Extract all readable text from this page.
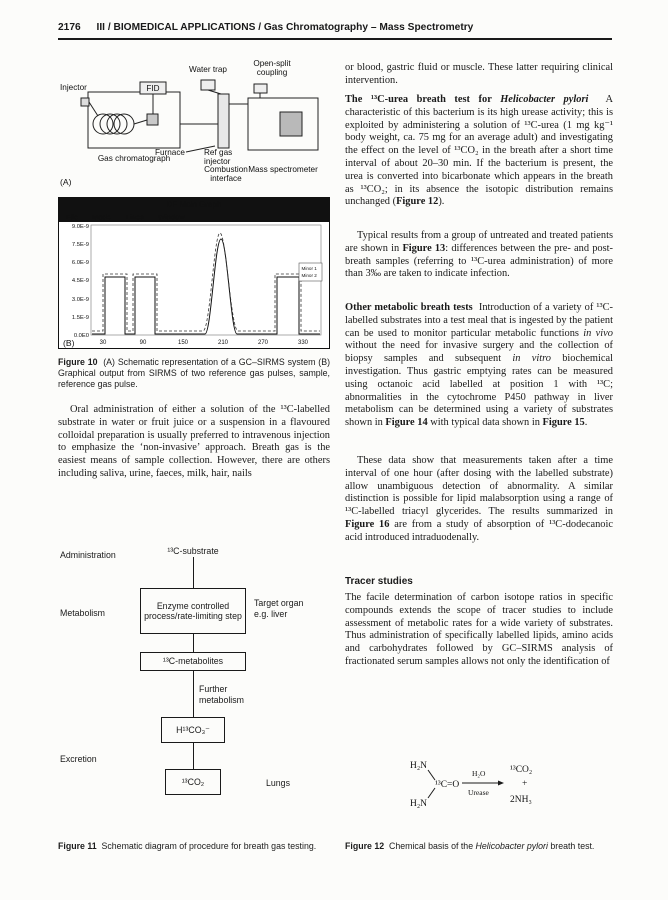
2176 III / BIOMEDICAL APPLICATIONS / Gas Chromatography – Mass Spectrometry
Injector	FID
Water trap
Open-split
coupling
Furnace Ref gas
injector
Gas chromatograph
Combustion
interface
Mass spectrometer
(A)
DF Main Graph
File Mode Lines Window
9.0E-9
7.5E-9
6.0E-9
4.5E-9
3.0E-9
1.5E-9
0.0E0
30	90	150	210	270	330
Minor 1
Minor 2
(B)
Figure 10  (A) Schematic representation of a GC–SIRMS system (B) Graphical output from SIRMS of two reference gas pulses, sample, reference gas pulse.
Oral administration of either a solution of the ¹³C-labelled substrate in water or fruit juice or a suspension in a flavoured colloidal preparation is usually preferred to intravenous injection to emphasize the ‘non-invasive’ approach. Breath gas is the easiest means of sample collection. However, there are others including saliva, urine, faeces, milk, hair, nails
Administration	¹³C-substrate
Enzyme controlled process/rate-limiting step
Target organ e.g. liver
Metabolism
¹³C-metabolites
Further metabolism
H¹³CO₃⁻
Excretion
¹³CO₂	Lungs
Figure 11  Schematic diagram of procedure for breath gas testing.
or blood, gastric fluid or muscle. These latter requiring clinical intervention.
The ¹³C-urea breath test for Helicobacter pylori  A characteristic of this bacterium is its high urease activity; this is exploited by administering a solution of ¹³C-urea (1 mg kg⁻¹ body weight, ca. 75 mg for an average adult) and investigating the effect on the level of ¹³CO₂ in the breath after a short time interval of about 20–30 min. If the bacterium is present, the urea is converted into bicarbonate which appears in the breath as ¹³CO₂; in its absence the isotopic distribution remains unchanged (Figure 12).
Typical results from a group of untreated and treated patients are shown in Figure 13: differences between the pre- and post-breath samples (referring to ¹³C-urea administration) of more than 3‰ are taken to indicate infection.
Other metabolic breath tests  Introduction of a variety of ¹³C-labelled substrates into a test meal that is ingested by the patient can be used to monitor particular metabolic functions in vivo without the need for invasive surgery and the collection of biopsy samples and subsequent in vitro biochemical investigation. Thus gastric emptying rates can be measured using octanoic acid labelled at position 1 with ¹³C; abnormalities in the cytochrome P450 pathway in liver metabolism can be determined using a variety of substrates shown in Figure 14 with typical data shown in Figure 15.
These data show that measurements taken after a time interval of one hour (after dosing with the labelled substrate) allow unambiguous detection of abnormality. A similar distinction is possible for lipid malabsorption using a range of ¹³C-labelled triacyl glycerides. The results summarized in Figure 16 are from a study of absorption of ¹³C-dodecanoic acid introduced intraduodenally.
Tracer studies
The facile determination of carbon isotope ratios in specific compounds extends the scope of tracer studies to include assessment of metabolic rates for a wide variety of substrates. Thus administration of specifically labelled lipids, amino acids and carbohydrates followed by GC–SIRMS analysis of fractionated serum samples allows not only the identification of
H₂N
H₂N
¹³C=O
H₂O
Urease
¹³CO₂
+
2NH₃
Figure 12  Chemical basis of the Helicobacter pylori breath test.
